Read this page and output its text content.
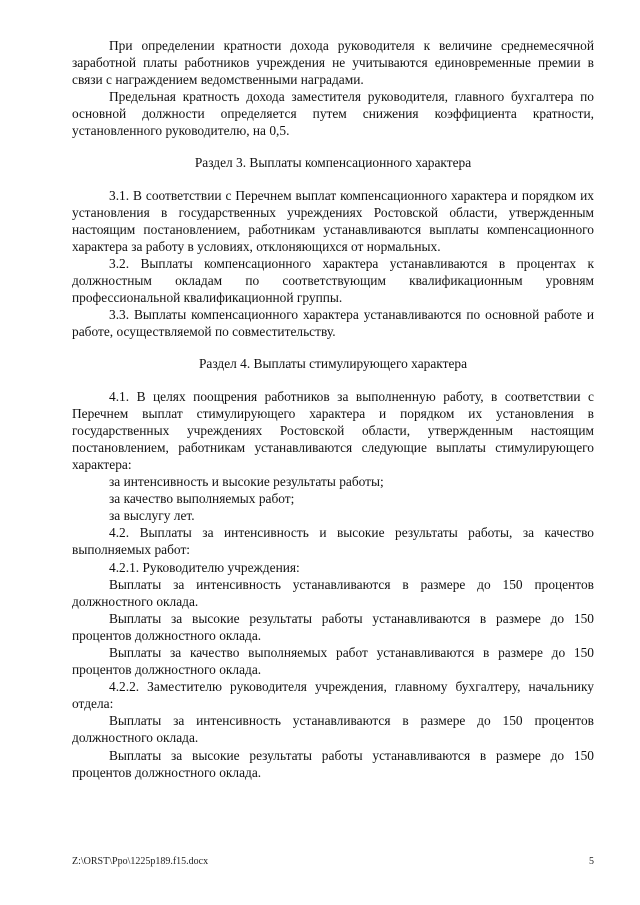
При определении кратности дохода руководителя к величине среднемесячной заработной платы работников учреждения не учитываются единовременные премии в связи с награждением ведомственными наградами.

Предельная кратность дохода заместителя руководителя, главного бухгалтера по основной должности определяется путем снижения коэффициента кратности, установленного руководителю, на 0,5.

Раздел 3. Выплаты компенсационного характера

3.1. В соответствии с Перечнем выплат компенсационного характера и порядком их установления в государственных учреждениях Ростовской области, утвержденным настоящим постановлением, работникам устанавливаются выплаты компенсационного характера за работу в условиях, отклоняющихся от нормальных.

3.2. Выплаты компенсационного характера устанавливаются в процентах к должностным окладам по соответствующим квалификационным уровням профессиональной квалификационной группы.

3.3. Выплаты компенсационного характера устанавливаются по основной работе и работе, осуществляемой по совместительству.

Раздел 4. Выплаты стимулирующего характера

4.1. В целях поощрения работников за выполненную работу, в соответствии с Перечнем выплат стимулирующего характера и порядком их установления в государственных учреждениях Ростовской области, утвержденным настоящим постановлением, работникам устанавливаются следующие выплаты стимулирующего характера:

за интенсивность и высокие результаты работы;

за качество выполняемых работ;

за выслугу лет.

4.2. Выплаты за интенсивность и высокие результаты работы, за качество выполняемых работ:

4.2.1. Руководителю учреждения:

Выплаты за интенсивность устанавливаются в размере до 150 процентов должностного оклада.

Выплаты за высокие результаты работы устанавливаются в размере до 150 процентов должностного оклада.

Выплаты за качество выполняемых работ устанавливаются в размере до 150 процентов должностного оклада.

4.2.2. Заместителю руководителя учреждения, главному бухгалтеру, начальнику отдела:

Выплаты за интенсивность устанавливаются в размере до 150 процентов должностного оклада.

Выплаты за высокие результаты работы устанавливаются в размере до 150 процентов должностного оклада.

Z:\ORST\Ppo\1225p189.f15.docx	5
